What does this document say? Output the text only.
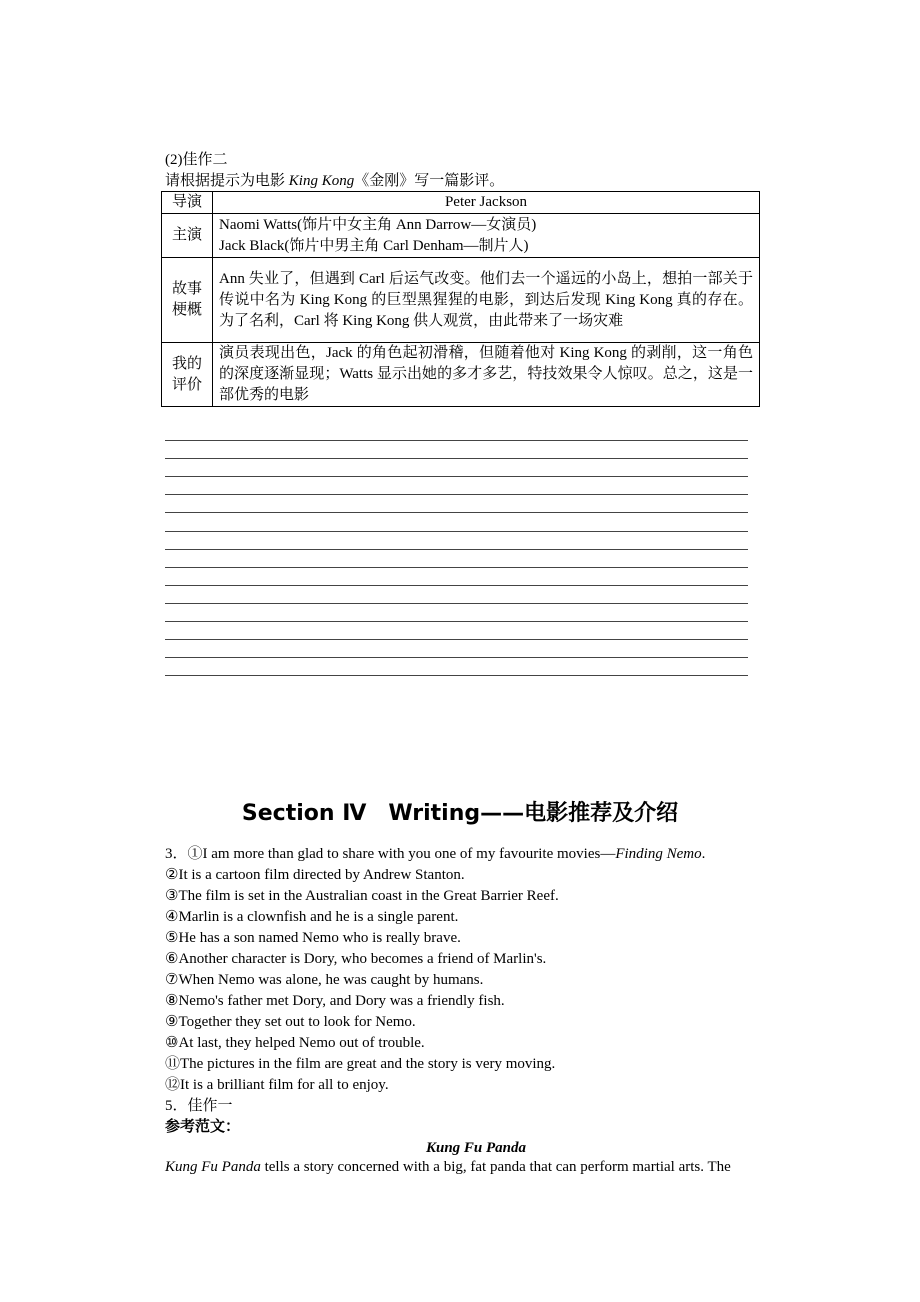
(2)佳作二
请根据提示为电影 King Kong《金刚》写一篇影评。
导演	Peter Jackson
主演	Naomi Watts(饰片中女主角 Ann Darrow—女演员)
Jack Black(饰片中男主角 Carl Denham—制片人)

故事
梗概	Ann 失业了，但遇到 Carl 后运气改变。他们去一个遥远的小岛上，想拍一部关于传说中名为 King Kong 的巨型黑猩猩的电影，到达后发现 King Kong 真的存在。为了名利，Carl 将 King Kong 供人观赏，由此带来了一场灾难

我的
评价	演员表现出色，Jack 的角色起初滑稽，但随着他对 King Kong 的剥削，这一角色的深度逐渐显现；Watts 显示出她的多才多艺，特技效果令人惊叹。总之，这是一部优秀的电影
Section Ⅳ　Writing——电影推荐及介绍
3．①I am more than glad to share with you one of my favourite movies—Finding Nemo.
②It is a cartoon film directed by Andrew Stanton.
③The film is set in the Australian coast in the Great Barrier Reef.
④Marlin is a clownfish and he is a single parent.
⑤He has a son named Nemo who is really brave.
⑥Another character is Dory, who becomes a friend of Marlin's.
⑦When Nemo was alone, he was caught by humans.
⑧Nemo's father met Dory, and Dory was a friendly fish.
⑨Together they set out to look for Nemo.
⑩At last, they helped Nemo out of trouble.
⑪The pictures in the film are great and the story is very moving.
⑫It is a brilliant film for all to enjoy.
5．佳作一
参考范文：
Kung Fu Panda
Kung Fu Panda tells a story concerned with a big, fat panda that can perform martial arts. The
